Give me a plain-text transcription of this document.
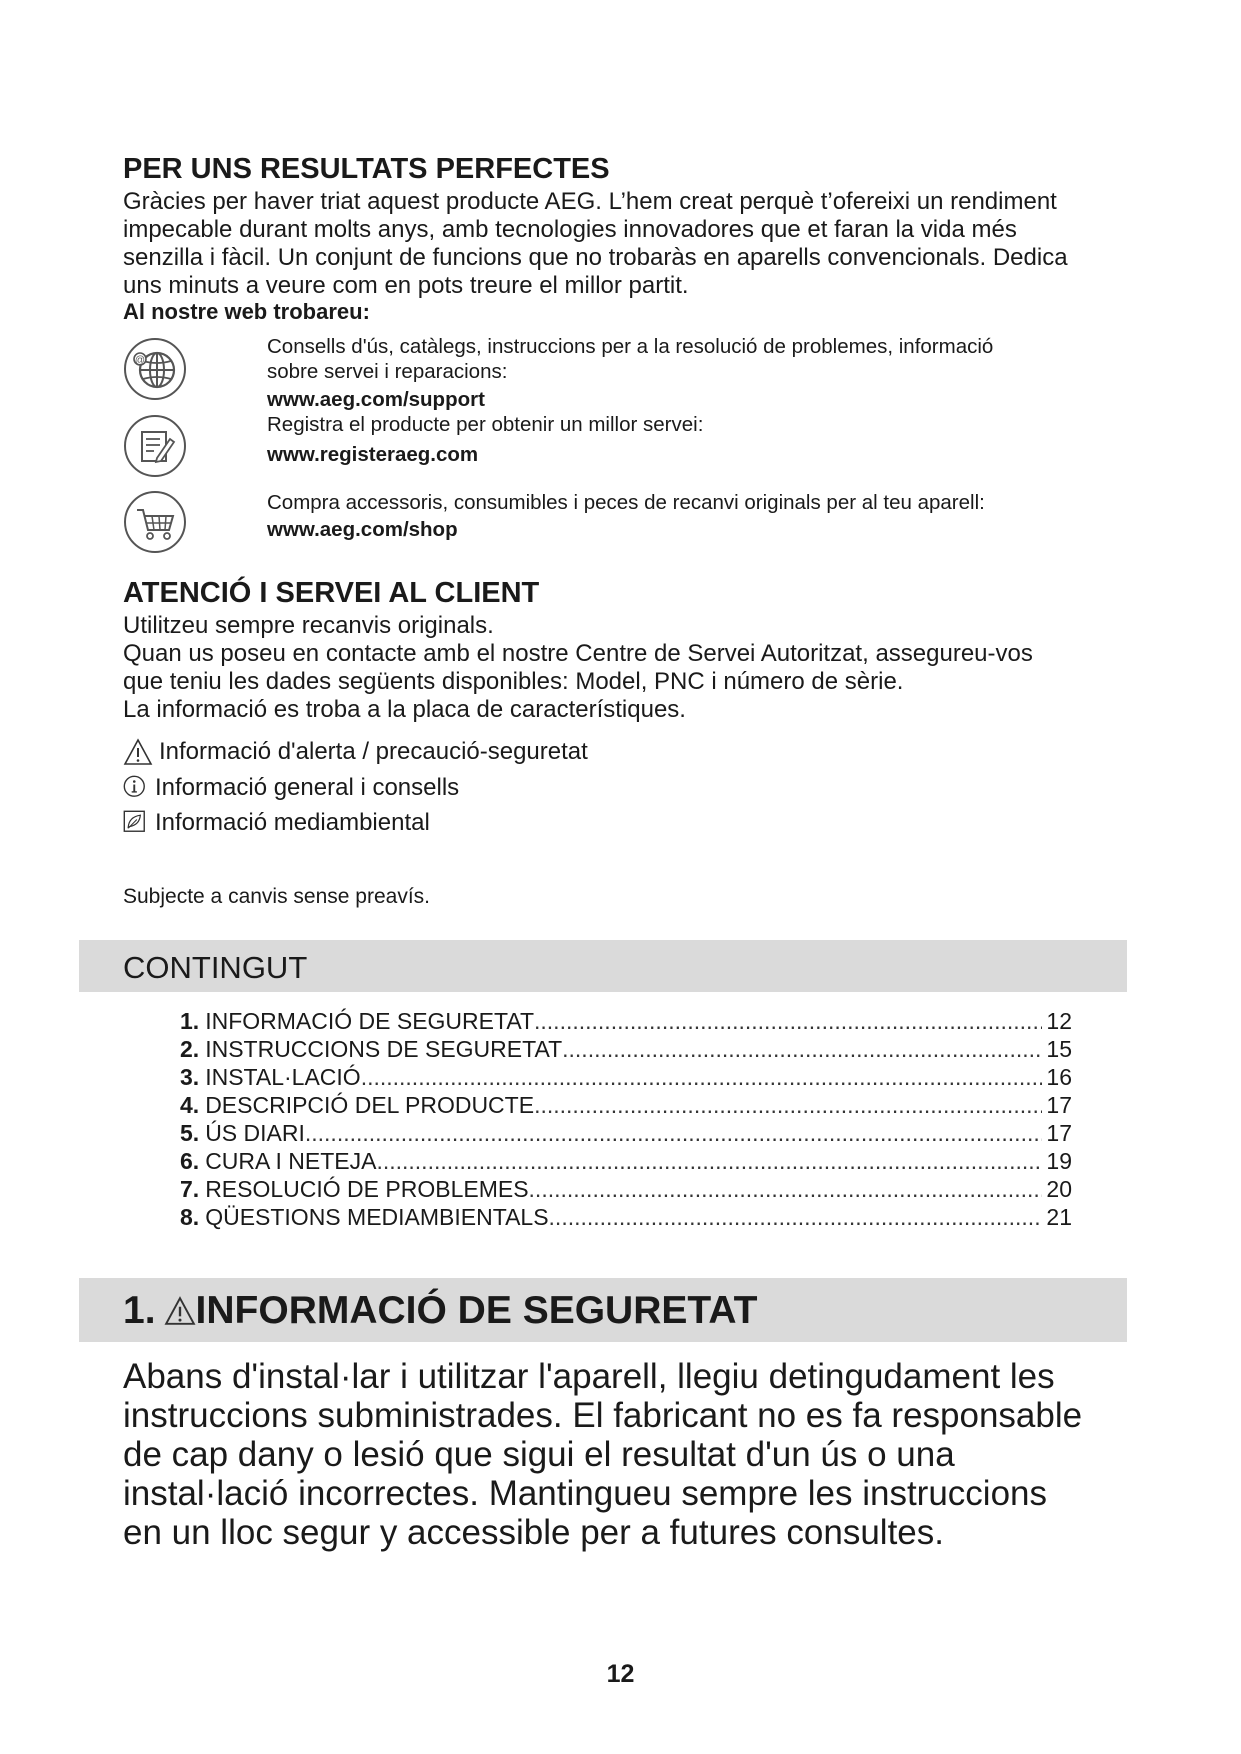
PER UNS RESULTATS PERFECTES

Gràcies per haver triat aquest producte AEG. L’hem creat perquè t’ofereixi un rendiment

impecable durant molts anys, amb tecnologies innovadores que et faran la vida més

senzilla i fàcil. Un conjunt de funcions que no trobaràs en aparells convencionals. Dedica

uns minuts a veure com en pots treure el millor partit.

Al nostre web trobareu:
@

Consells d'ús, catàlegs, instruccions per a la resolució de problemes, informació

sobre servei i reparacions:

www.aeg.com/support

Registra el producte per obtenir un millor servei:

www.registeraeg.com

Compra accessoris, consumibles i peces de recanvi originals per al teu aparell:

www.aeg.com/shop

ATENCIÓ I SERVEI AL CLIENT

Utilitzeu sempre recanvis originals.

Quan us poseu en contacte amb el nostre Centre de Servei Autoritzat, assegureu-vos

que teniu les dades següents disponibles: Model, PNC i número de sèrie.

La informació es troba a la placa de característiques.

Informació d'alerta / precaució-seguretat
Informació general i consells
Informació mediambiental
Subjecte a canvis sense preavís.
CONTINGUT
1. INFORMACIÓ DE SEGURETAT .....	12
2. INSTRUCCIONS DE SEGURETAT .....	15
3. INSTAL·LACIÓ .....	16
4. DESCRIPCIÓ DEL PRODUCTE .....	17
5. ÚS DIARI .....	17
6. CURA I NETEJA .....	19
7. RESOLUCIÓ DE PROBLEMES .....	20
8. QÜESTIONS MEDIAMBIENTALS .....	21
1. INFORMACIÓ DE SEGURETAT

Abans d'instal·lar i utilitzar l'aparell, llegiu detingudament les

instruccions subministrades. El fabricant no es fa responsable

de cap dany o lesió que sigui el resultat d'un ús o una

instal·lació incorrectes. Mantingueu sempre les instruccions

en un lloc segur y accessible per a futures consultes.

12
